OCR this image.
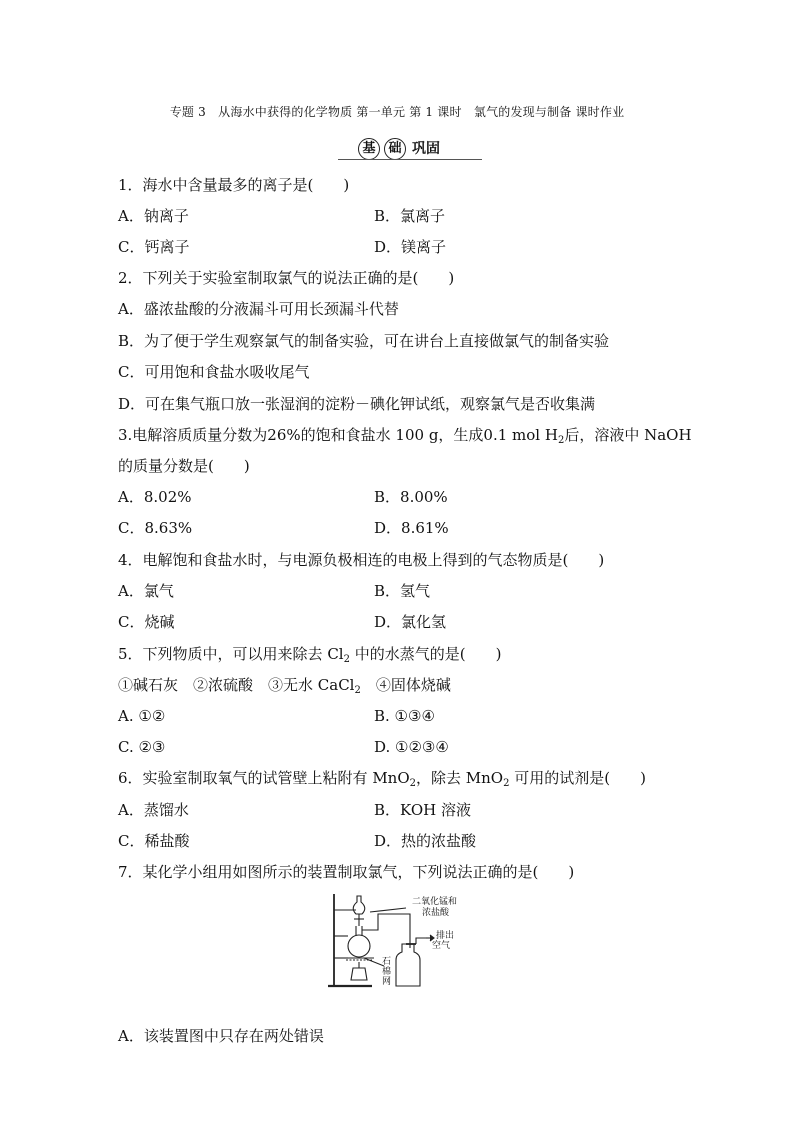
专题 3　从海水中获得的化学物质 第一单元 第 1 课时　氯气的发现与制备 课时作业
基 础 巩固
1．海水中含量最多的离子是(　　)
A．钠离子	B．氯离子
C．钙离子	D．镁离子
2．下列关于实验室制取氯气的说法正确的是(　　)
A．盛浓盐酸的分液漏斗可用长颈漏斗代替
B．为了便于学生观察氯气的制备实验，可在讲台上直接做氯气的制备实验
C．可用饱和食盐水吸收尾气
D．可在集气瓶口放一张湿润的淀粉－碘化钾试纸，观察氯气是否收集满
3.电解溶质质量分数为26%的饱和食盐水 100 g，生成0.1 mol $H_2$后，溶液中 NaOH
的质量分数是(　　)
A．8.02%	B．8.00%
C．8.63%	D．8.61%
4．电解饱和食盐水时，与电源负极相连的电极上得到的气态物质是(　　)
A．氯气	B．氢气
C．烧碱	D．氯化氢
5．下列物质中，可以用来除去 $Cl_2$ 中的水蒸气的是(　　)
①碱石灰　②浓硫酸　③无水 CaCl$_2$　④固体烧碱
A. ①②	B. ①③④
C. ②③	D. ①②③④
6．实验室制取氧气的试管壁上粘附有 MnO$_2$，除去 MnO$_2$ 可用的试剂是(　　)
A．蒸馏水	B．KOH 溶液
C．稀盐酸	D．热的浓盐酸
7．某化学小组用如图所示的装置制取氯气，下列说法正确的是(　　)
二氧化锰和
浓盐酸
排出
空气
石
棉
网
A．该装置图中只存在两处错误
